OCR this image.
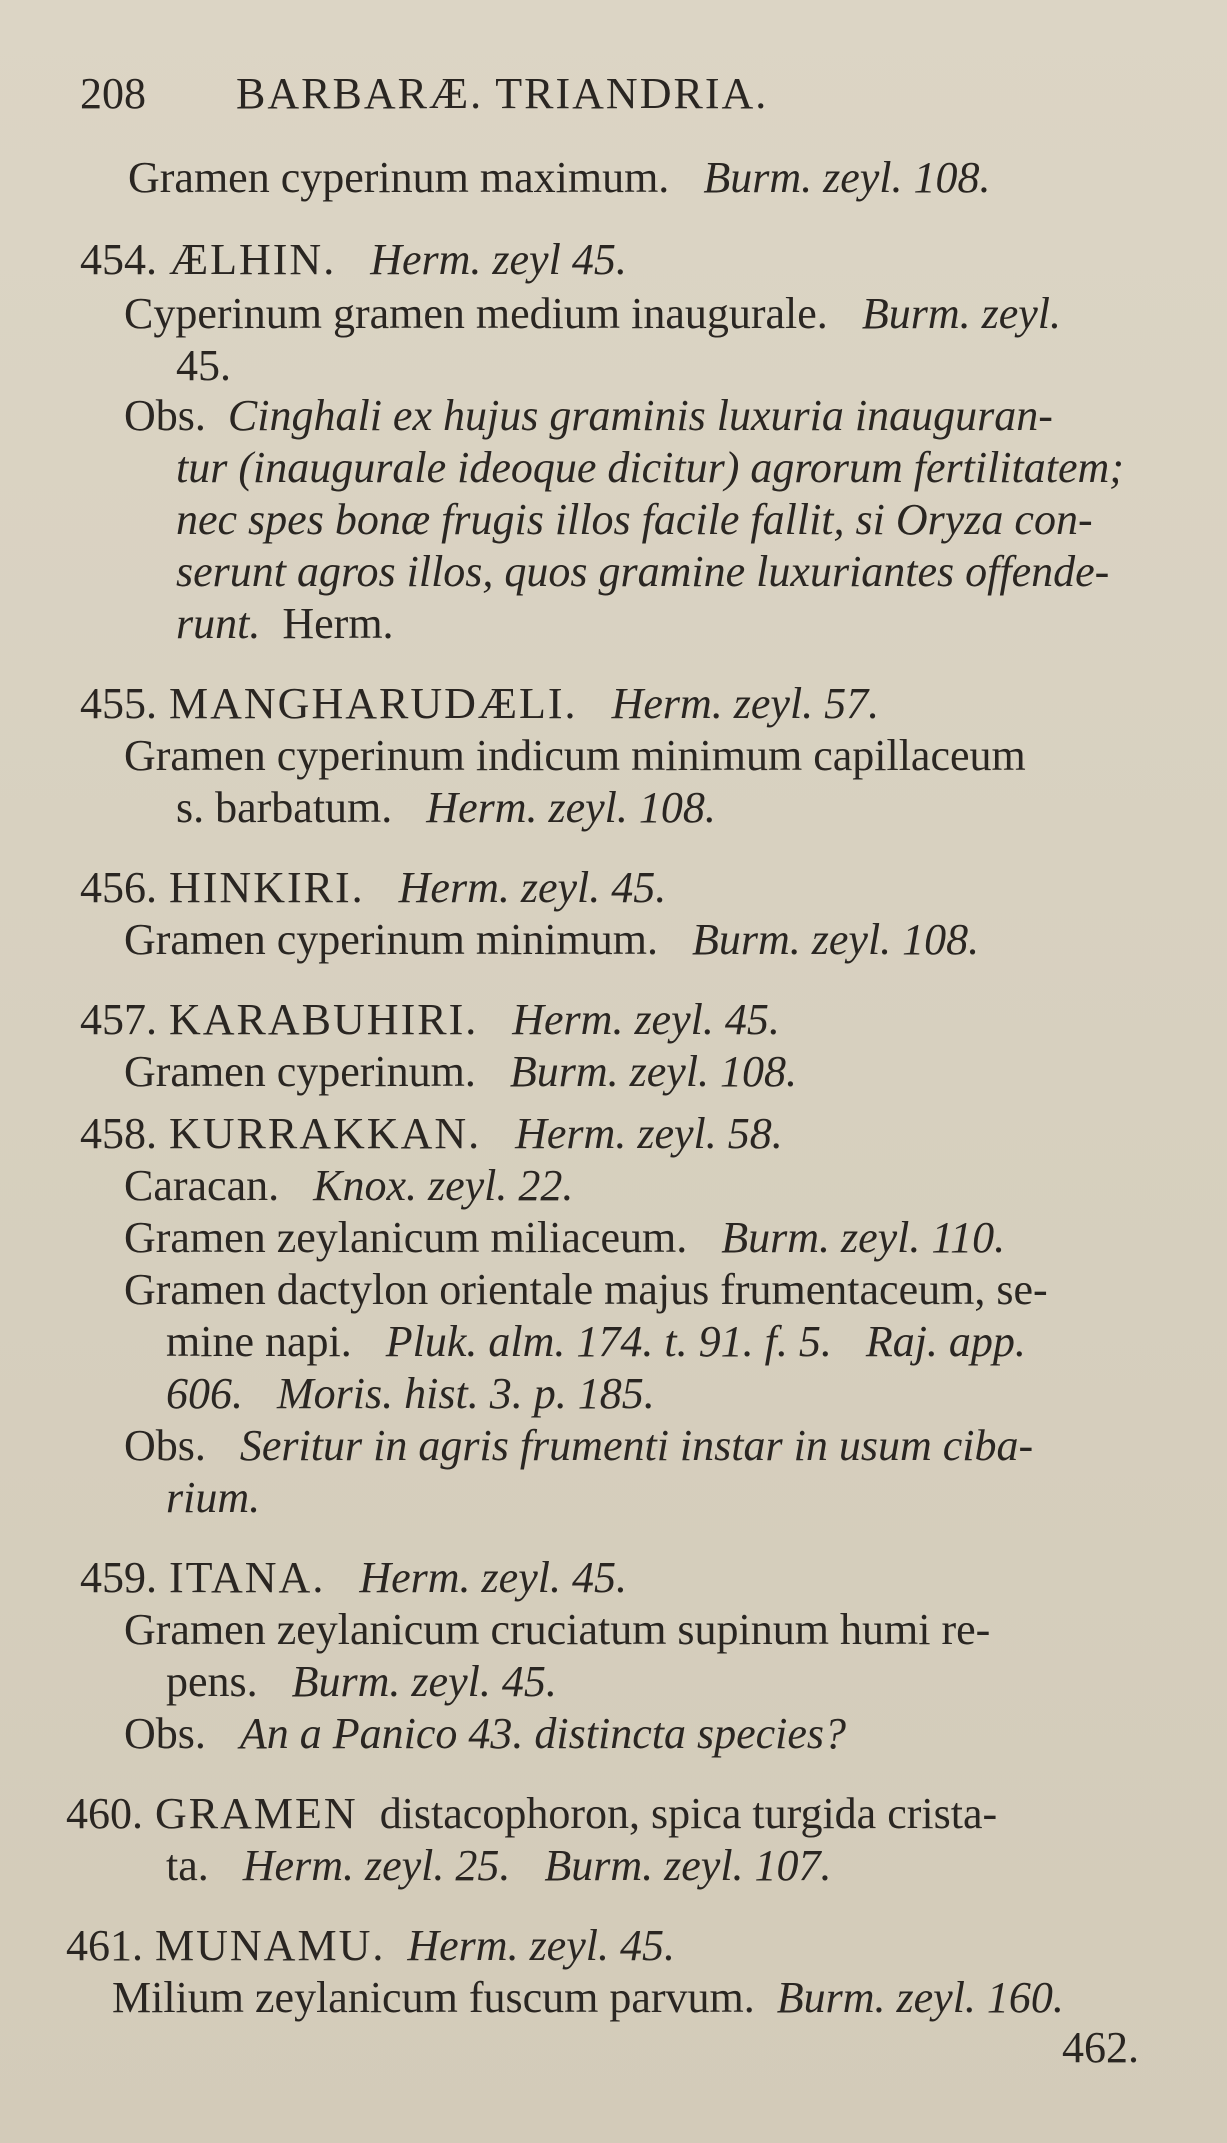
208 BARBARÆ. TRIANDRIA.
Gramen cyperinum maximum. Burm. zeyl. 108.
454. ÆLHIN. Herm. zeyl 45.
Cyperinum gramen medium inaugurale. Burm. zeyl.
45.
Obs. Cinghali ex hujus graminis luxuria inauguran-
tur (inaugurale ideoque dicitur) agrorum fertilitatem;
nec spes bonæ frugis illos facile fallit, si Oryza con-
serunt agros illos, quos gramine luxuriantes offende-
runt. Herm.
455. MANGHARUDÆLI. Herm. zeyl. 57.
Gramen cyperinum indicum minimum capillaceum
s. barbatum. Herm. zeyl. 108.
456. HINKIRI. Herm. zeyl. 45.
Gramen cyperinum minimum. Burm. zeyl. 108.
457. KARABUHIRI. Herm. zeyl. 45.
Gramen cyperinum. Burm. zeyl. 108.
458. KURRAKKAN. Herm. zeyl. 58.
Caracan. Knox. zeyl. 22.
Gramen zeylanicum miliaceum. Burm. zeyl. 110.
Gramen dactylon orientale majus frumentaceum, se-
mine napi. Pluk. alm. 174. t. 91. f. 5. Raj. app.
606. Moris. hist. 3. p. 185.
Obs. Seritur in agris frumenti instar in usum ciba-
rium.
459. ITANA. Herm. zeyl. 45.
Gramen zeylanicum cruciatum supinum humi re-
pens. Burm. zeyl. 45.
Obs. An a Panico 43. distincta species?
460. GRAMEN distacophoron, spica turgida crista-
ta. Herm. zeyl. 25. Burm. zeyl. 107.
461. MUNAMU. Herm. zeyl. 45.
Milium zeylanicum fuscum parvum. Burm. zeyl. 160.
462.
